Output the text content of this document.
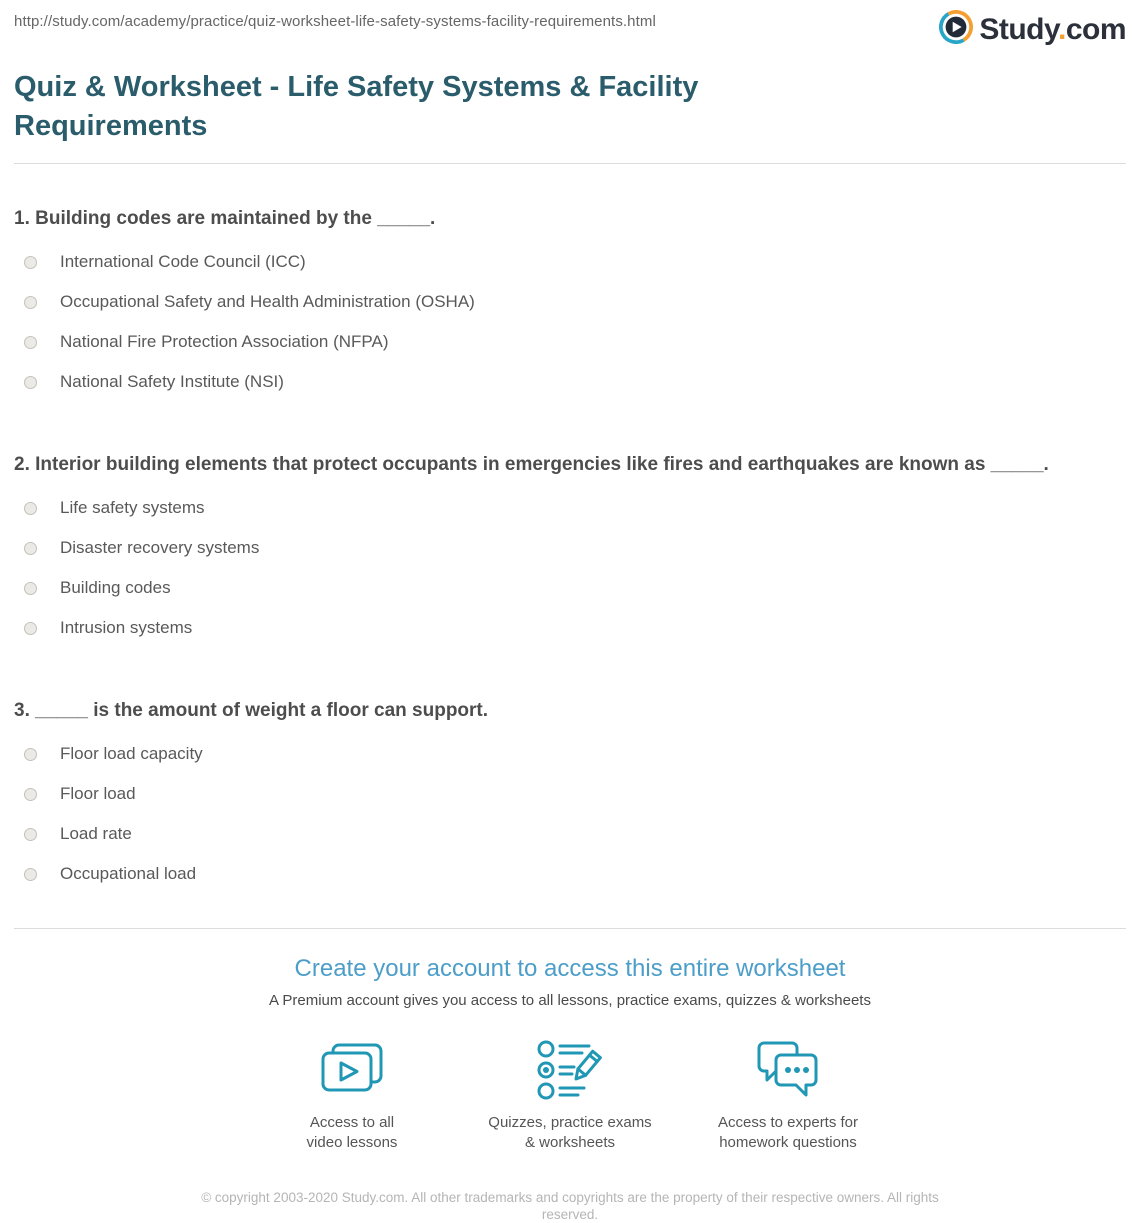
http://study.com/academy/practice/quiz-worksheet-life-safety-systems-facility-requirements.html	Study.com
Quiz & Worksheet - Life Safety Systems & Facility Requirements
1. Building codes are maintained by the _____.
International Code Council (ICC)
Occupational Safety and Health Administration (OSHA)
National Fire Protection Association (NFPA)
National Safety Institute (NSI)
2. Interior building elements that protect occupants in emergencies like fires and earthquakes are known as _____.
Life safety systems
Disaster recovery systems
Building codes
Intrusion systems
3. _____ is the amount of weight a floor can support.
Floor load capacity
Floor load
Load rate
Occupational load
Create your account to access this entire worksheet
A Premium account gives you access to all lessons, practice exams, quizzes & worksheets
Access to all
video lessons
Quizzes, practice exams
& worksheets
Access to experts for
homework questions
© copyright 2003-2020 Study.com. All other trademarks and copyrights are the property of their respective owners. All rights reserved.
